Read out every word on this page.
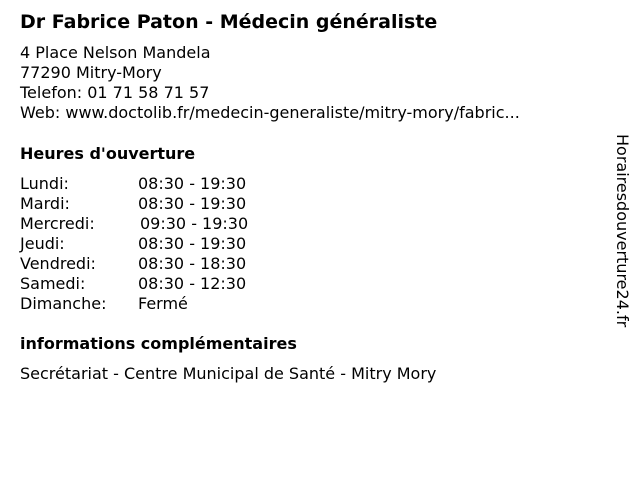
Dr Fabrice Paton - Médecin généraliste
4 Place Nelson Mandela
77290 Mitry-Mory
Telefon: 01 71 58 71 57
Web: www.doctolib.fr/medecin-generaliste/mitry-mory/fabric...
Heures d'ouverture
Lundi:	08:30 - 19:30
Mardi:	08:30 - 19:30
Mercredi:	09:30 - 19:30
Jeudi:	08:30 - 19:30
Vendredi:	08:30 - 18:30
Samedi:	08:30 - 12:30
Dimanche: Fermé
informations complémentaires
Secrétariat - Centre Municipal de Santé - Mitry Mory
Horairesdouverture24.fr
